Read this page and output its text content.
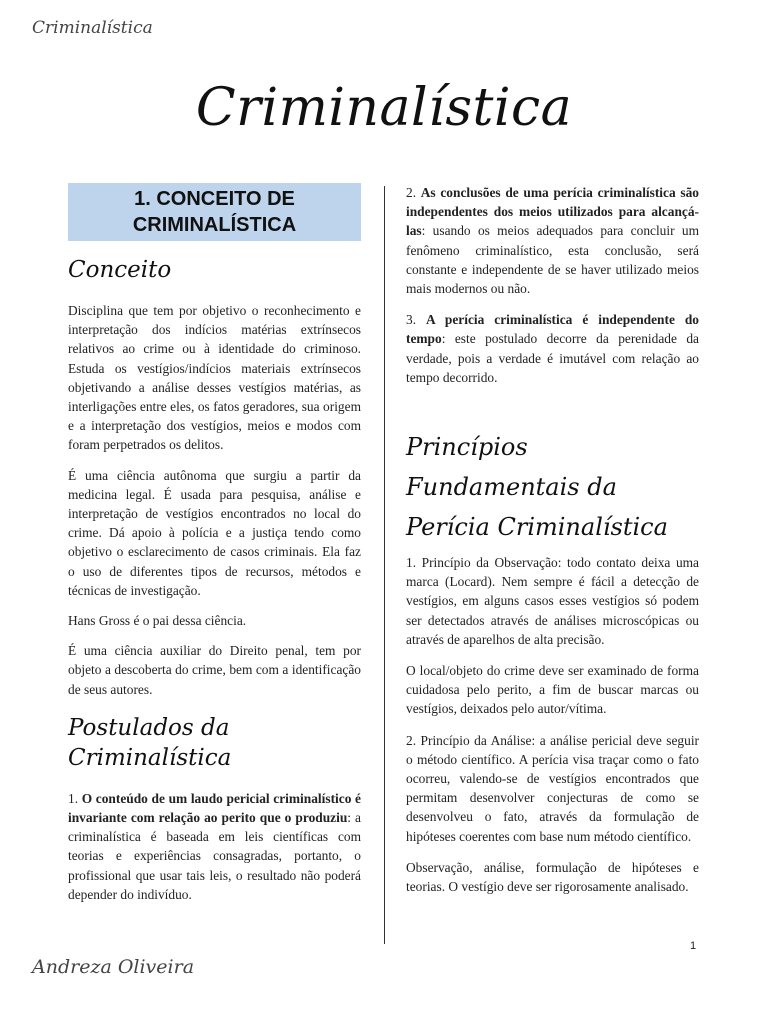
Criminalística
Criminalística
1. CONCEITO DE CRIMINALÍSTICA
Conceito

Disciplina que tem por objetivo o reconhecimento e interpretação dos indícios matérias extrínsecos relativos ao crime ou à identidade do criminoso. Estuda os vestígios/indícios materiais extrínsecos objetivando a análise desses vestígios matérias, as interligações entre eles, os fatos geradores, sua origem e a interpretação dos vestígios, meios e modos com foram perpetrados os delitos.

É uma ciência autônoma que surgiu a partir da medicina legal. É usada para pesquisa, análise e interpretação de vestígios encontrados no local do crime. Dá apoio à polícia e a justiça tendo como objetivo o esclarecimento de casos criminais. Ela faz o uso de diferentes tipos de recursos, métodos e técnicas de investigação.

Hans Gross é o pai dessa ciência.

É uma ciência auxiliar do Direito penal, tem por objeto a descoberta do crime, bem com a identificação de seus autores.

Postulados da Criminalística

1. O conteúdo de um laudo pericial criminalístico é invariante com relação ao perito que o produziu: a criminalística é baseada em leis científicas com teorias e experiências consagradas, portanto, o profissional que usar tais leis, o resultado não poderá depender do indivíduo.

2. As conclusões de uma perícia criminalística são independentes dos meios utilizados para alcançá-las: usando os meios adequados para concluir um fenômeno criminalístico, esta conclusão, será constante e independente de se haver utilizado meios mais modernos ou não.

3. A perícia criminalística é independente do tempo: este postulado decorre da perenidade da verdade, pois a verdade é imutável com relação ao tempo decorrido.

Princípios Fundamentais da Perícia Criminalística

1. Princípio da Observação: todo contato deixa uma marca (Locard). Nem sempre é fácil a detecção de vestígios, em alguns casos esses vestígios só podem ser detectados através de análises microscópicas ou através de aparelhos de alta precisão.

O local/objeto do crime deve ser examinado de forma cuidadosa pelo perito, a fim de buscar marcas ou vestígios, deixados pelo autor/vítima.

2. Princípio da Análise: a análise pericial deve seguir o método científico. A perícia visa traçar como o fato ocorreu, valendo-se de vestígios encontrados que permitam desenvolver conjecturas de como se desenvolveu o fato, através da formulação de hipóteses coerentes com base num método científico.

Observação, análise, formulação de hipóteses e teorias. O vestígio deve ser rigorosamente analisado.

1
Andreza Oliveira
